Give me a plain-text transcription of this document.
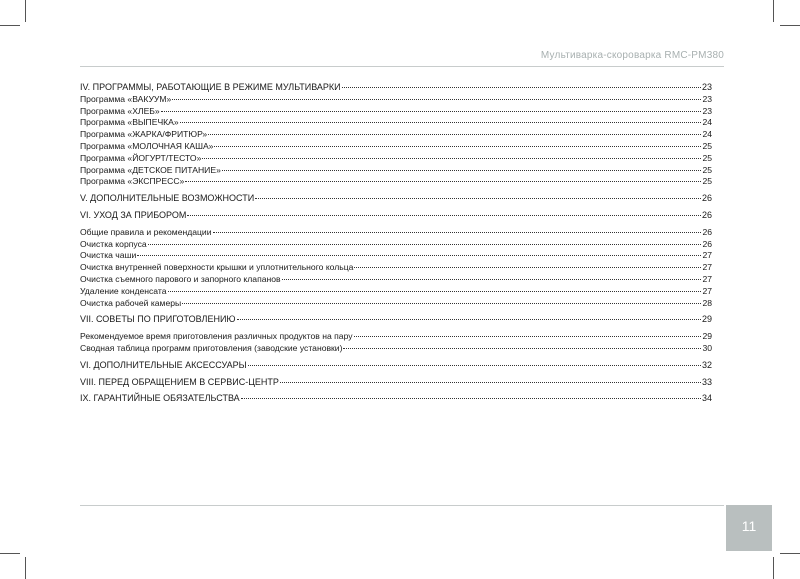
Мультиварка-скороварка RMC-PM380
IV. ПРОГРАММЫ, РАБОТАЮЩИЕ В РЕЖИМЕ МУЛЬТИВАРКИ	23
Программа «ВАКУУМ»	23
Программа «ХЛЕБ»	23
Программа «ВЫПЕЧКА»	24
Программа «ЖАРКА/ФРИТЮР»	24
Программа «МОЛОЧНАЯ КАША»	25
Программа «ЙОГУРТ/ТЕСТО»	25
Программа «ДЕТСКОЕ ПИТАНИЕ»	25
Программа «ЭКСПРЕСС»	25
V. ДОПОЛНИТЕЛЬНЫЕ ВОЗМОЖНОСТИ	26
VI. УХОД ЗА ПРИБОРОМ	26
Общие правила и рекомендации	26
Очистка корпуса	26
Очистка чаши	27
Очистка внутренней поверхности крышки и уплотнительного кольца	27
Очистка съемного парового и запорного клапанов	27
Удаление конденсата	27
Очистка рабочей камеры	28
VII. СОВЕТЫ ПО ПРИГОТОВЛЕНИЮ	29
Рекомендуемое время приготовления различных продуктов на пару	29
Сводная таблица программ приготовления (заводские установки)	30
VI. ДОПОЛНИТЕЛЬНЫЕ АКСЕССУАРЫ	32
VIII. ПЕРЕД ОБРАЩЕНИЕМ В СЕРВИС-ЦЕНТР	33
IX. ГАРАНТИЙНЫЕ ОБЯЗАТЕЛЬСТВА	34
11
